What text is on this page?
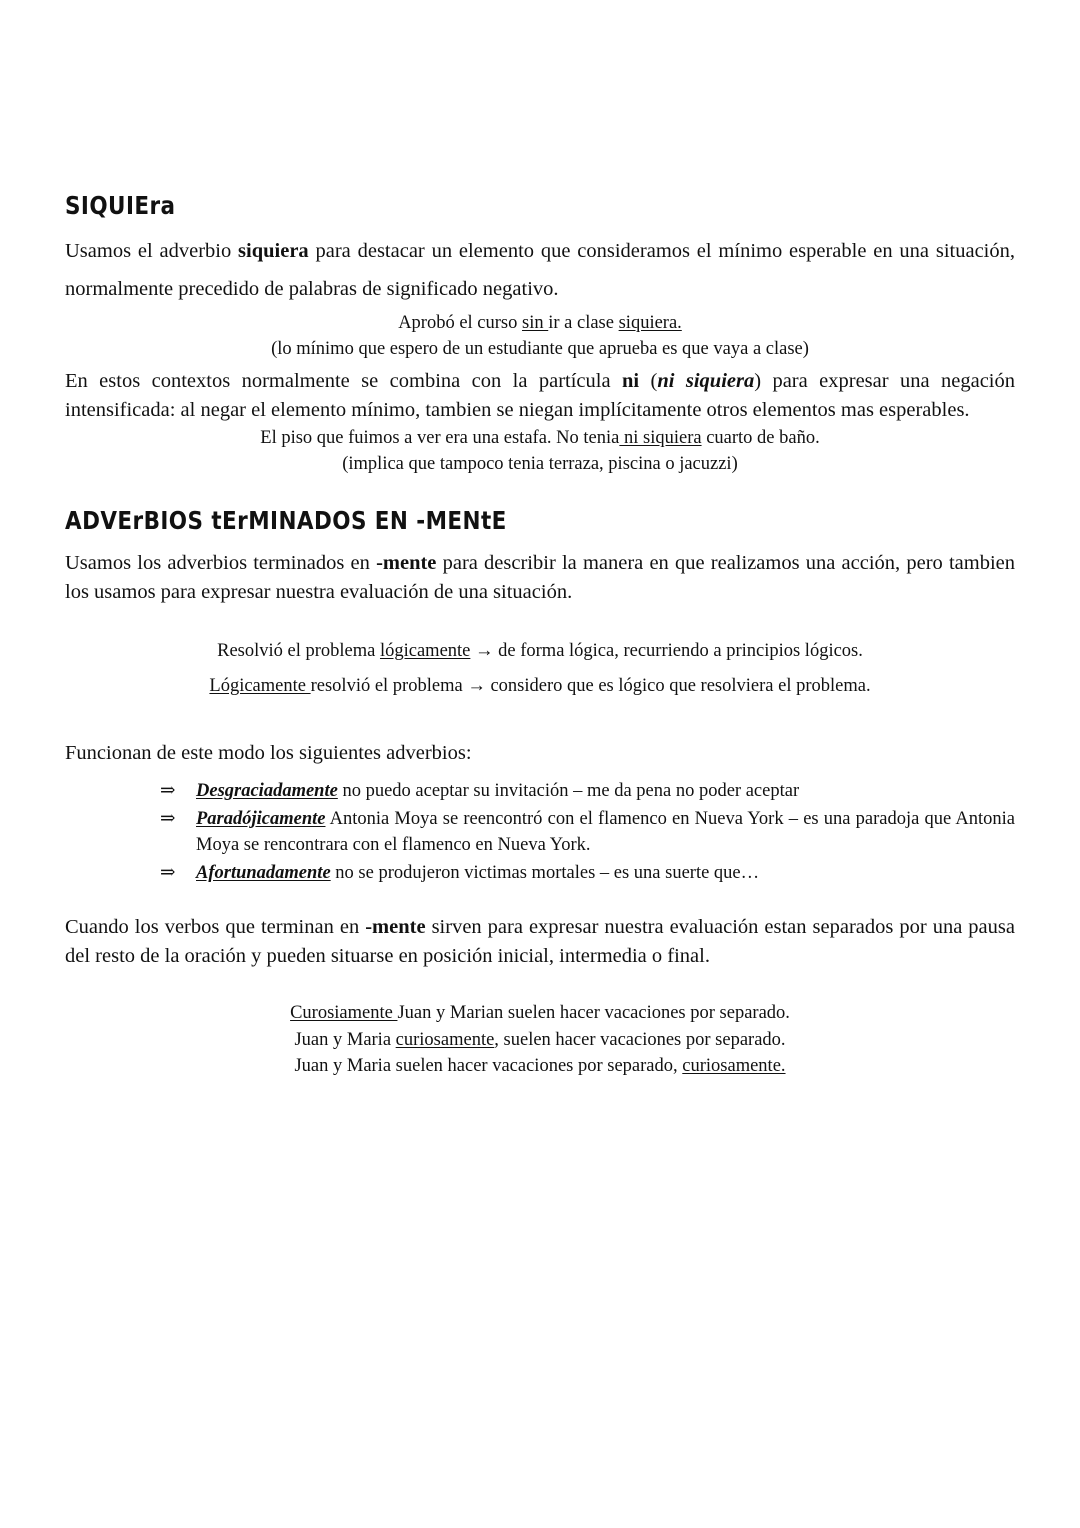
SIQUIEra
Usamos el adverbio siquiera para destacar un elemento que consideramos el mínimo esperable en una situación, normalmente precedido de palabras de significado negativo.
Aprobó el curso sin ir a clase siquiera.
(lo mínimo que espero de un estudiante que aprueba es que vaya a clase)
En estos contextos normalmente se combina con la partícula ni (ni siquiera) para expresar una negación intensificada: al negar el elemento mínimo, tambien se niegan implícitamente otros elementos mas esperables.
El piso que fuimos a ver era una estafa. No tenia ni siquiera cuarto de baño.
(implica que tampoco tenia terraza, piscina o jacuzzi)
ADVErBIOS tErMINADOS EN -MENtE
Usamos los adverbios terminados en -mente para describir la manera en que realizamos una acción, pero tambien los usamos para expresar nuestra evaluación de una situación.
Resolvió el problema lógicamente → de forma lógica, recurriendo a principios lógicos.
Lógicamente resolvió el problema → considero que es lógico que resolviera el problema.
Funcionan de este modo los siguientes adverbios:
⇒	Desgraciadamente no puedo aceptar su invitación – me da pena no poder aceptar
⇒	Paradójicamente Antonia Moya se reencontró con el flamenco en Nueva York – es una paradoja que Antonia Moya se rencontrara con el flamenco en Nueva York.
⇒	Afortunadamente no se produjeron victimas mortales – es una suerte que…
Cuando los verbos que terminan en -mente sirven para expresar nuestra evaluación estan separados por una pausa del resto de la oración y pueden situarse en posición inicial, intermedia o final.
Curosiamente Juan y Marian suelen hacer vacaciones por separado.
Juan y Maria curiosamente, suelen hacer vacaciones por separado.
Juan y Maria suelen hacer vacaciones por separado, curiosamente.
